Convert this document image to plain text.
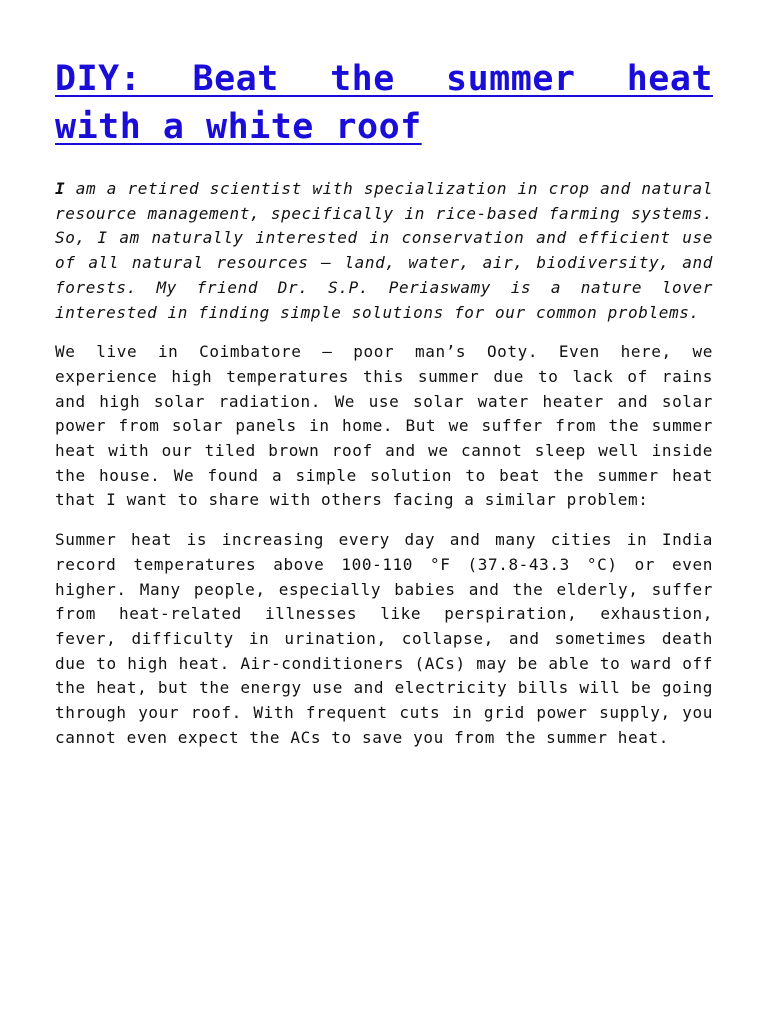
DIY: Beat the summer heat
with a white roof

I am a retired scientist with specialization in crop and natural resource management, specifically in rice-based farming systems. So, I am naturally interested in conservation and efficient use of all natural resources – land, water, air, biodiversity, and forests. My friend Dr. S.P. Periaswamy is a nature lover interested in finding simple solutions for our common problems.

We live in Coimbatore – poor man’s Ooty. Even here, we experience high temperatures this summer due to lack of rains and high solar radiation. We use solar water heater and solar power from solar panels in home. But we suffer from the summer heat with our tiled brown roof and we cannot sleep well inside the house. We found a simple solution to beat the summer heat that I want to share with others facing a similar problem:

Summer heat is increasing every day and many cities in India record temperatures above 100-110 °F (37.8-43.3 °C) or even higher. Many people, especially babies and the elderly, suffer from heat-related illnesses like perspiration, exhaustion, fever, difficulty in urination, collapse, and sometimes death due to high heat. Air-conditioners (ACs) may be able to ward off the heat, but the energy use and electricity bills will be going through your roof. With frequent cuts in grid power supply, you cannot even expect the ACs to save you from the summer heat.
